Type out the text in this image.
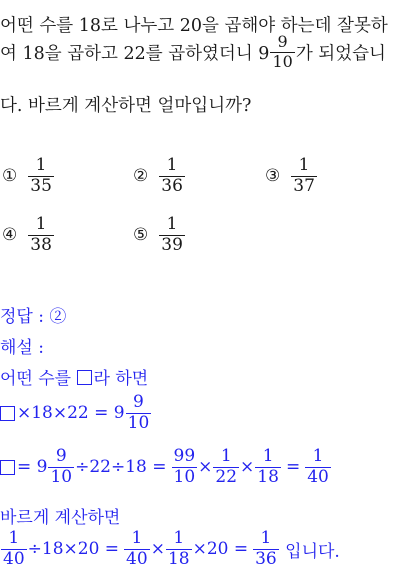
어떤 수를 18로 나누고 20을 곱해야 하는데 잘못하
여 18을 곱하고 22를 곱하였더니 $9 \frac{9}{10}$ 가 되었습니
다. 바르게 계산하면 얼마입니까?
① $\frac{1}{35}$	② $\frac{1}{36}$	③ $\frac{1}{37}$
④ $\frac{1}{38}$	⑤ $\frac{1}{39}$
정답 : ②
해설 :
어떤 수를 라 하면
$\times 18\times 22 = 9 \frac{9}{10}$
= $9 \frac{9}{10} \div 22\div 18 = \frac{99}{10} \times \frac{1}{22} \times \frac{1}{18} = \frac{1}{40}$
바르게 계산하면
$\frac{1}{40} \div 18\times 20 = \frac{1}{40} \times \frac{1}{18} \times 20 = \frac{1}{36}$ 입니다.
